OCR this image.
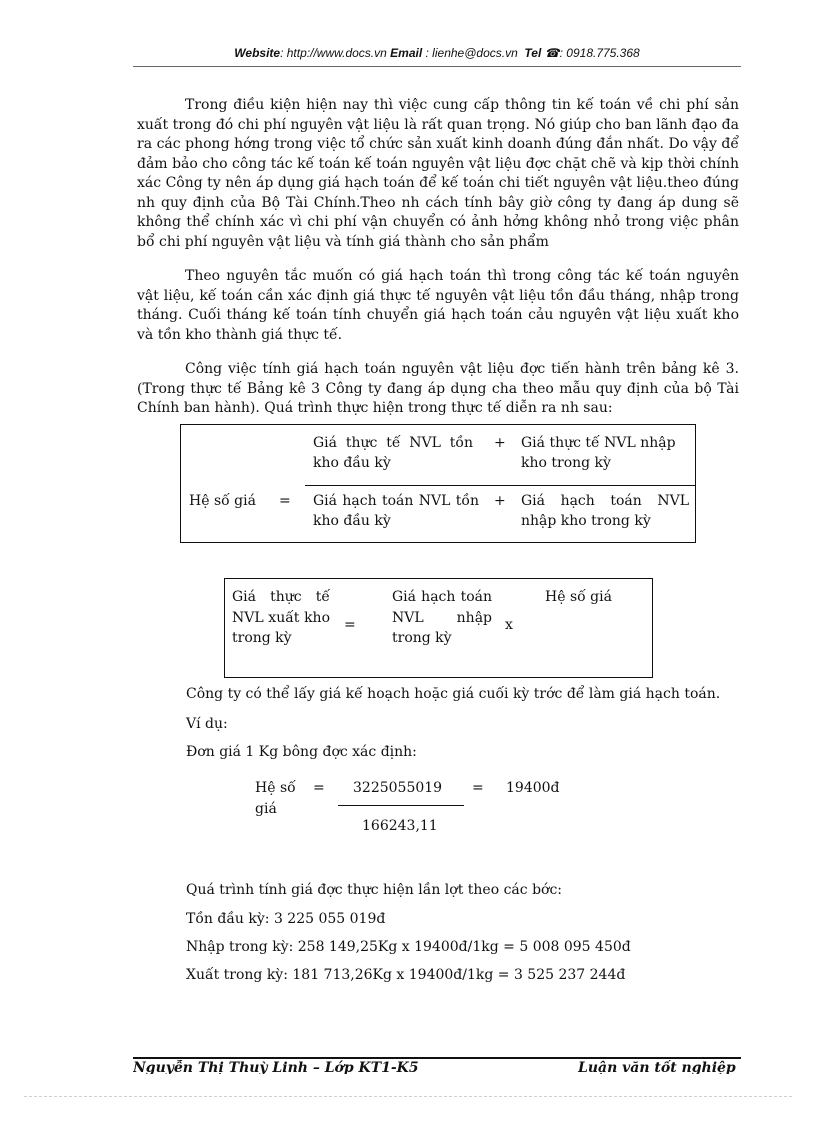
Website: http://www.docs.vn Email : lienhe@docs.vn Tel ☎: 0918.775.368

Trong điều kiện hiện nay thì việc cung cấp thông tin kế toán về chi phí sản xuất trong đó chi phí nguyên vật liệu là rất quan trọng. Nó giúp cho ban lãnh đạo đa ra các phong hớng trong việc tổ chức sản xuất kinh doanh đúng đắn nhất. Do vậy để đảm bảo cho công tác kế toán kế toán nguyên vật liệu đợc chặt chẽ và kịp thời chính xác Công ty nên áp dụng giá hạch toán để kế toán chi tiết nguyên vật liệu.theo đúng nh quy định của Bộ Tài Chính.Theo nh cách tính bây giờ công ty đang áp dung sẽ không thể chính xác vì chi phí vận chuyển có ảnh hởng không nhỏ trong việc phân bổ chi phí nguyên vật liệu và tính giá thành cho sản phẩm

Theo nguyên tắc muốn có giá hạch toán thì trong công tác kế toán nguyên vật liệu, kế toán cần xác định giá thực tế nguyên vật liệu tồn đầu tháng, nhập trong tháng. Cuối tháng kế toán tính chuyển giá hạch toán cảu nguyên vật liệu xuất kho và tồn kho thành giá thực tế.

Công việc tính giá hạch toán nguyên vật liệu đợc tiến hành trên bảng kê 3. (Trong thực tế Bảng kê 3 Công ty đang áp dụng cha theo mẫu quy định của bộ Tài Chính ban hành). Quá trình thực hiện trong thực tế diễn ra nh sau:

Hệ số giá =
Giá thực tế NVL tồn kho đầu kỳ
+ Giá thực tế NVL nhập kho trong kỳ
Giá hạch toán NVL tồn kho đầu kỳ
+ Giá hạch toán NVL nhập kho trong kỳ
Giá thực tế NVL xuất kho trong kỳ
=
Giá hạch toán NVL nhập trong kỳ
x
Hệ số giá
Công ty có thể lấy giá kế hoạch hoặc giá cuối kỳ trớc để làm giá hạch toán.
Ví dụ:
Đơn giá 1 Kg bông đợc xác định:
Hệ số
giá
= 3225055019
166243,11
= 19400đ
Quá trình tính giá đợc thực hiện lần lợt theo các bớc:
Tồn đầu kỳ: 3 225 055 019đ
Nhập trong kỳ: 258 149,25Kg x 19400đ/1kg = 5 008 095 450đ
Xuất trong kỳ: 181 713,26Kg x 19400đ/1kg = 3 525 237 244đ
Nguyễn Thị Thuỳ Linh – Lớp KT1-K5	Luận văn tốt nghiệp
